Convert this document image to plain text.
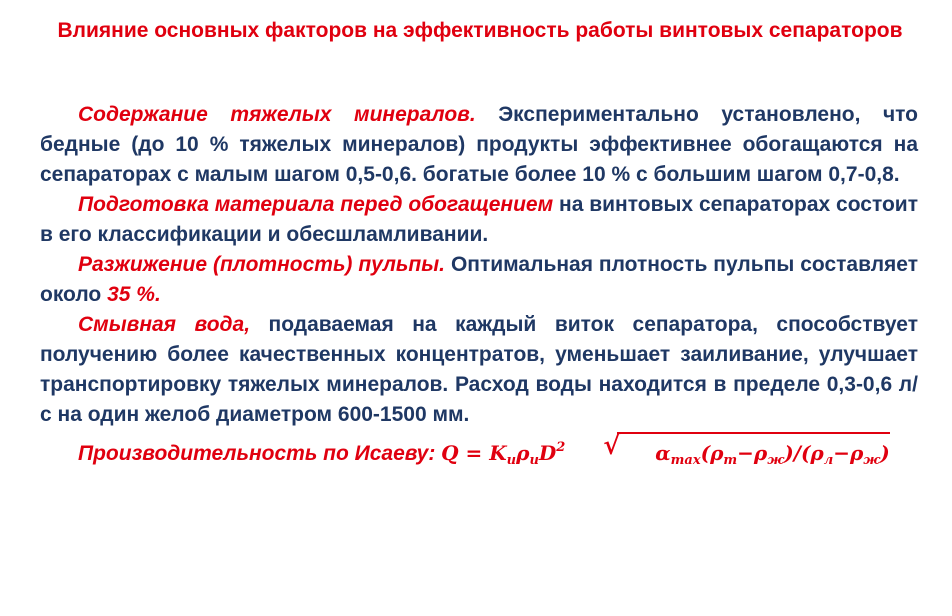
Влияние основных факторов на эффективность работы винтовых сепараторов

Содержание тяжелых минералов. Экспериментально установлено, что бедные (до 10 % тяжелых минералов) продукты эффективнее обогащаются на сепараторах с малым шагом 0,5-0,6. богатые более 10 % с большим шагом 0,7-0,8.

Подготовка материала перед обогащением на винтовых сепараторах состоит в его классификации и обесшламливании.

Разжижение (плотность) пульпы. Оптимальная плотность пульпы составляет около 35 %.

Смывная вода, подаваемая на каждый виток сепаратора, способствует получению более качественных концентратов, уменьшает заиливание, улучшает транспортировку тяжелых минералов. Расход воды находится в пределе 0,3-0,6 л/с на один желоб диаметром 600-1500 мм.

Производительность по Исаеву: $Q = K_и\rho_иD^2$	√ $\alpha_{max}(\rho_т-\rho_ж)/(\rho_л-\rho_ж)$
